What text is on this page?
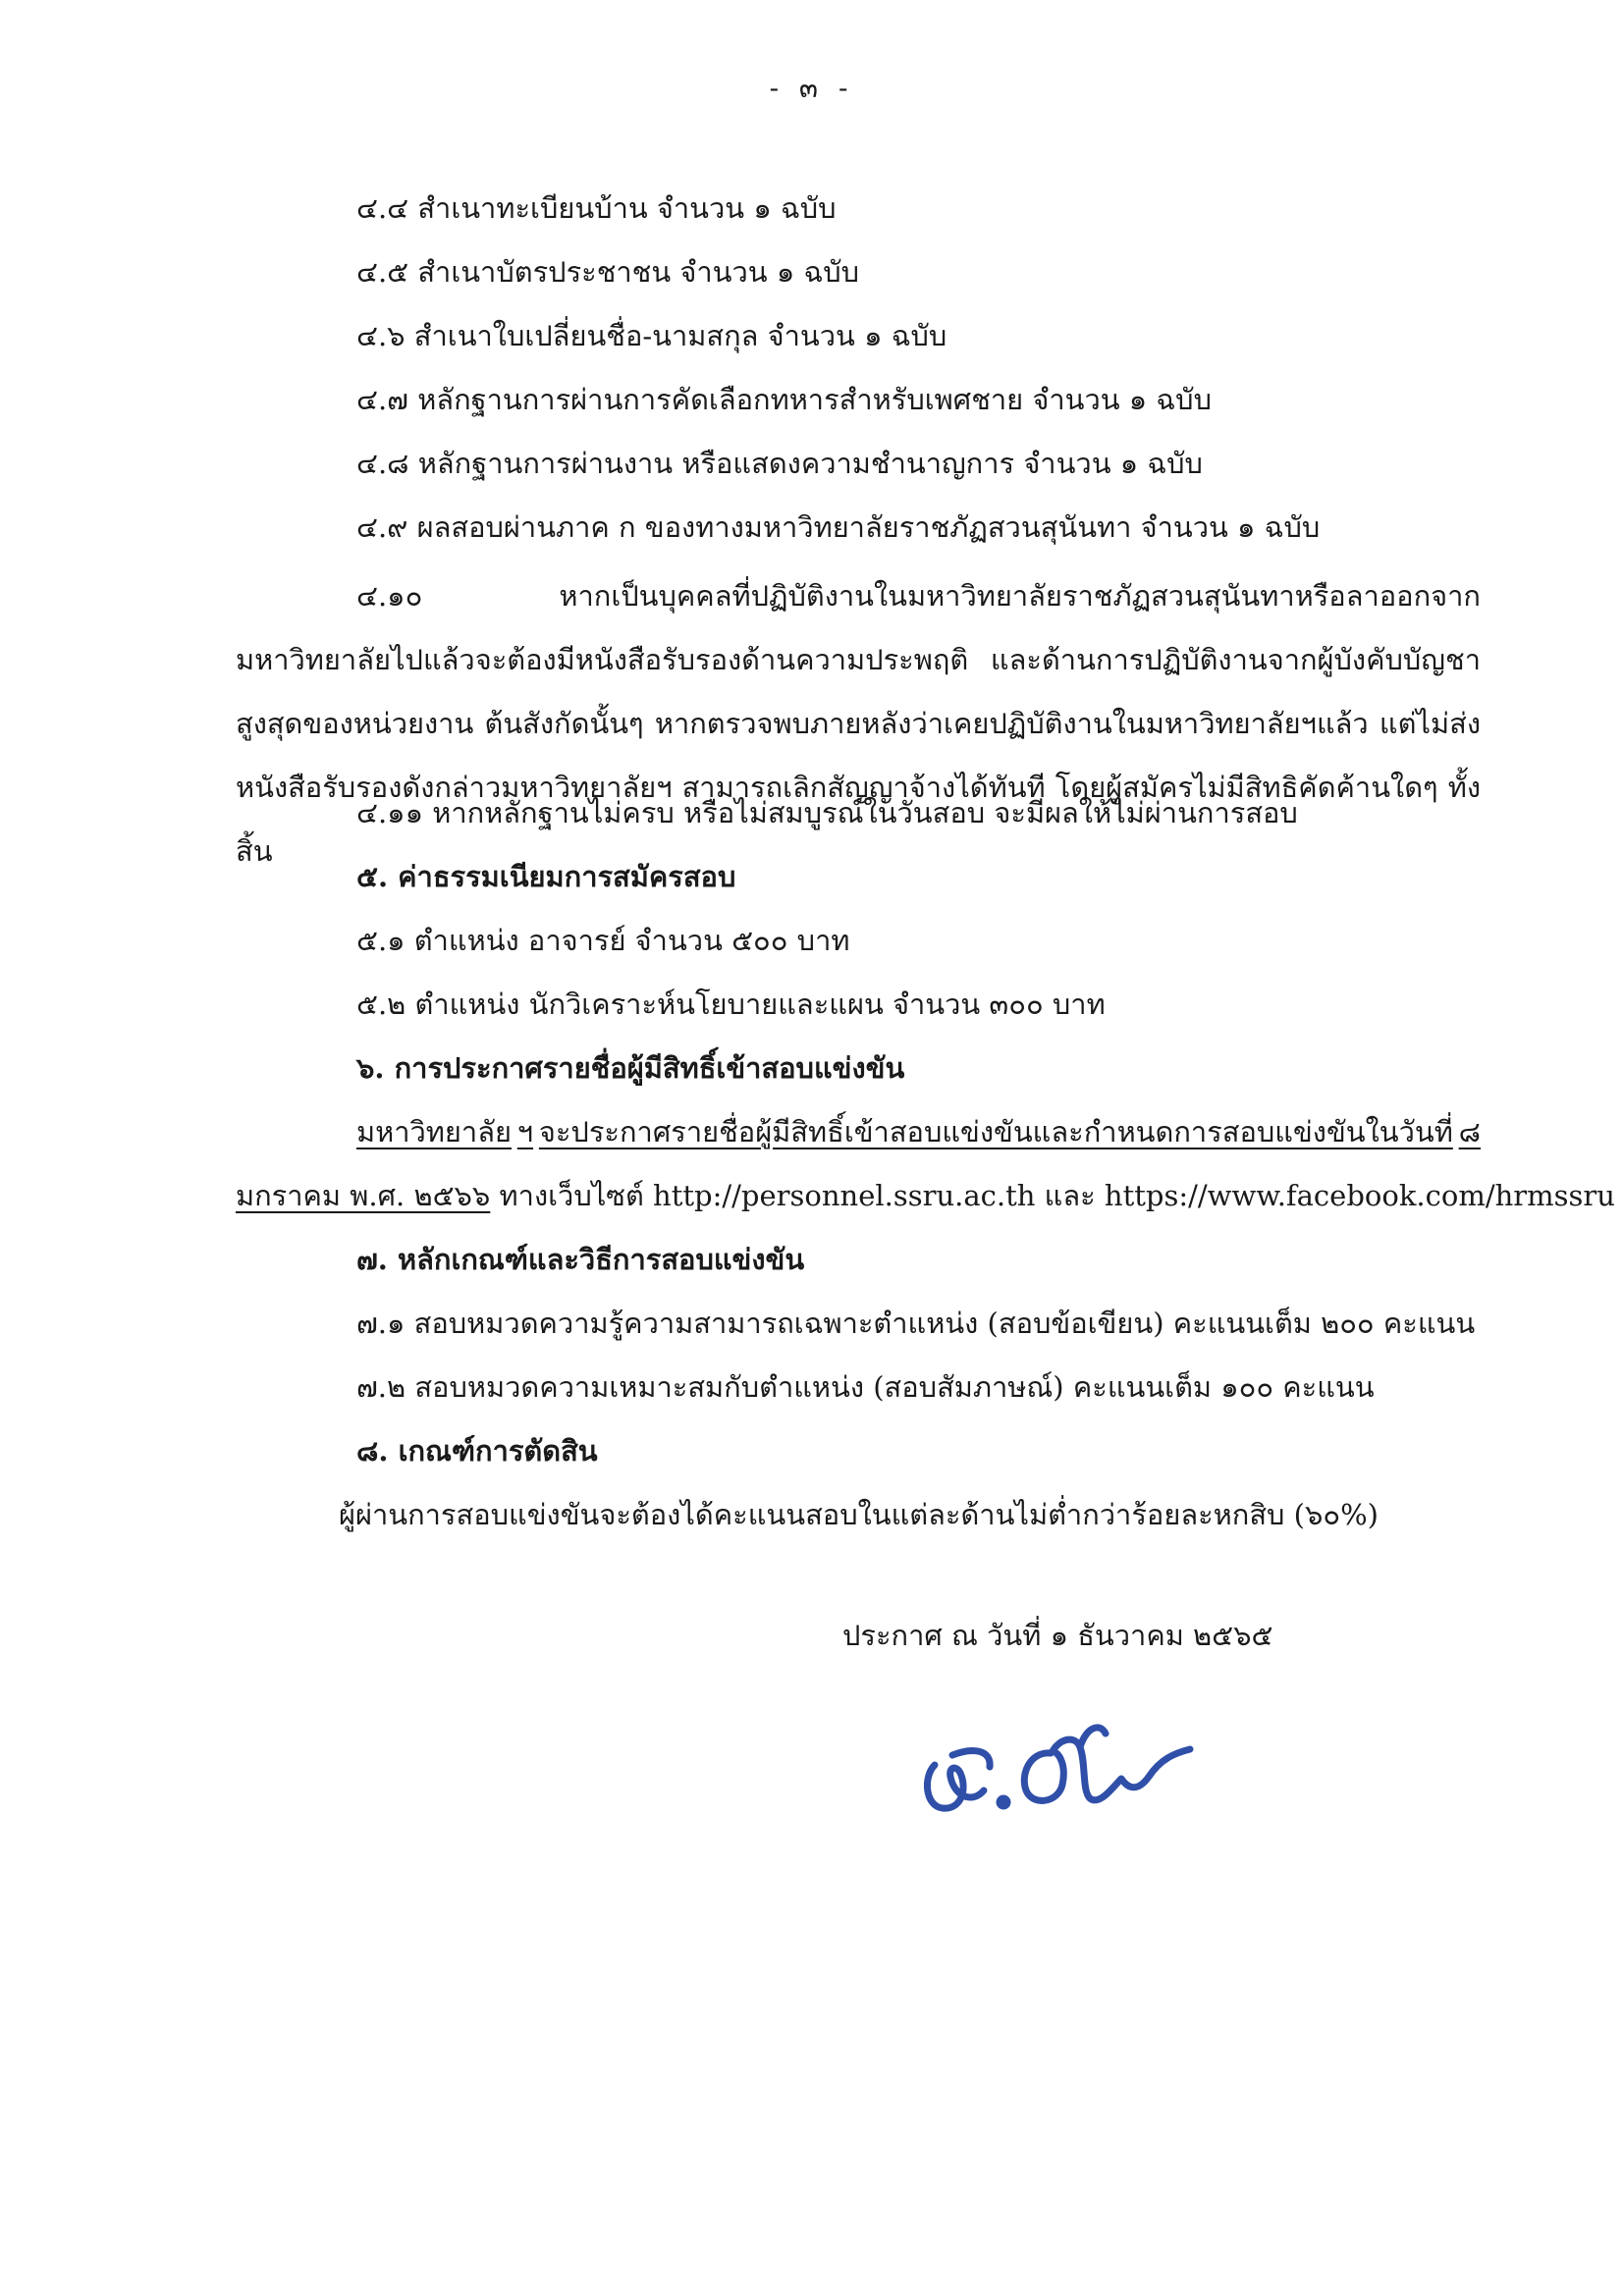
- ๓ -
๔.๔ สำเนาทะเบียนบ้าน จำนวน ๑ ฉบับ
๔.๕ สำเนาบัตรประชาชน จำนวน ๑ ฉบับ
๔.๖ สำเนาใบเปลี่ยนชื่อ-นามสกุล จำนวน ๑ ฉบับ
๔.๗ หลักฐานการผ่านการคัดเลือกทหารสำหรับเพศชาย จำนวน ๑ ฉบับ
๔.๘ หลักฐานการผ่านงาน หรือแสดงความชำนาญการ จำนวน ๑ ฉบับ
๔.๙ ผลสอบผ่านภาค ก ของทางมหาวิทยาลัยราชภัฏสวนสุนันทา จำนวน ๑ ฉบับ
๔.๑๐ หากเป็นบุคคลที่ปฏิบัติงานในมหาวิทยาลัยราชภัฏสวนสุนันทาหรือลาออกจากมหาวิทยาลัยไปแล้วจะต้องมีหนังสือรับรองด้านความประพฤติ และด้านการปฏิบัติงานจากผู้บังคับบัญชาสูงสุดของหน่วยงาน ต้นสังกัดนั้นๆ หากตรวจพบภายหลังว่าเคยปฏิบัติงานในมหาวิทยาลัยฯแล้ว แต่ไม่ส่งหนังสือรับรองดังกล่าวมหาวิทยาลัยฯ สามารถเลิกสัญญาจ้างได้ทันที โดยผู้สมัครไม่มีสิทธิคัดค้านใดๆ ทั้งสิ้น
๔.๑๑ หากหลักฐานไม่ครบ หรือไม่สมบูรณ์ในวันสอบ จะมีผลให้ไม่ผ่านการสอบ
๕. ค่าธรรมเนียมการสมัครสอบ
๕.๑ ตำแหน่ง อาจารย์ จำนวน ๕๐๐ บาท
๕.๒ ตำแหน่ง นักวิเคราะห์นโยบายและแผน จำนวน ๓๐๐ บาท
๖. การประกาศรายชื่อผู้มีสิทธิ์เข้าสอบแข่งขัน
มหาวิทยาลัย ฯ จะประกาศรายชื่อผู้มีสิทธิ์เข้าสอบแข่งขันและกำหนดการสอบแข่งขันในวันที่ ๘
มกราคม พ.ศ. ๒๕๖๖ ทางเว็บไซต์ http://personnel.ssru.ac.th และ https://www.facebook.com/hrmssru
๗. หลักเกณฑ์และวิธีการสอบแข่งขัน
๗.๑ สอบหมวดความรู้ความสามารถเฉพาะตำแหน่ง (สอบข้อเขียน) คะแนนเต็ม ๒๐๐ คะแนน
๗.๒ สอบหมวดความเหมาะสมกับตำแหน่ง (สอบสัมภาษณ์) คะแนนเต็ม ๑๐๐ คะแนน
๘. เกณฑ์การตัดสิน
ผู้ผ่านการสอบแข่งขันจะต้องได้คะแนนสอบในแต่ละด้านไม่ต่ำกว่าร้อยละหกสิบ (๖๐%)
ประกาศ ณ วันที่ ๑ ธันวาคม ๒๕๖๕
